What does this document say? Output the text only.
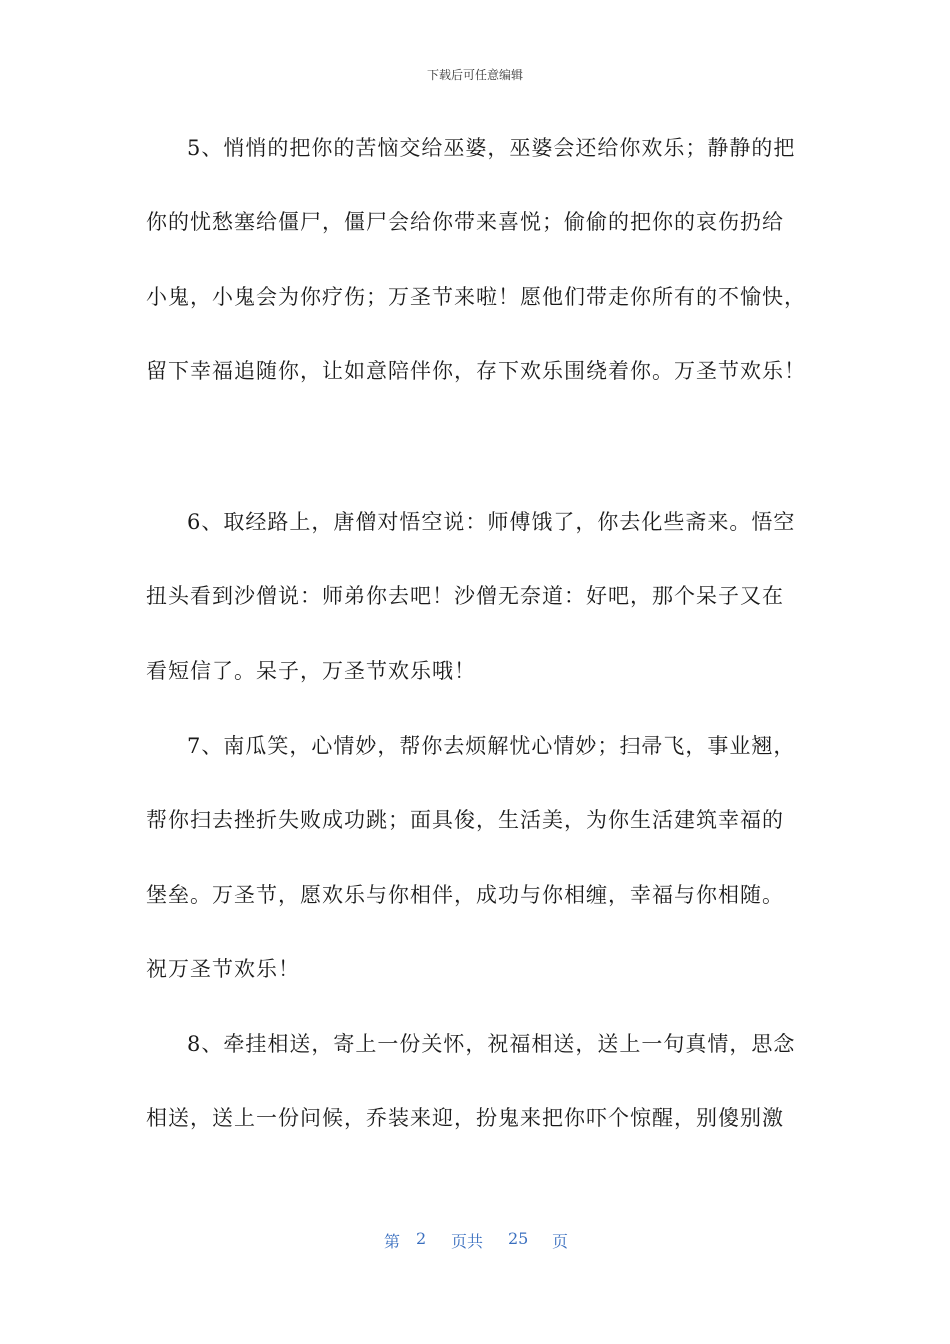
下载后可任意编辑
5、悄悄的把你的苦恼交给巫婆，巫婆会还给你欢乐；静静的把
你的忧愁塞给僵尸，僵尸会给你带来喜悦；偷偷的把你的哀伤扔给
小鬼，小鬼会为你疗伤；万圣节来啦！愿他们带走你所有的不愉快，
留下幸福追随你，让如意陪伴你，存下欢乐围绕着你。万圣节欢乐！
6、取经路上，唐僧对悟空说：师傅饿了，你去化些斋来。悟空
扭头看到沙僧说：师弟你去吧！沙僧无奈道：好吧，那个呆子又在
看短信了。呆子，万圣节欢乐哦！
7、南瓜笑，心情妙，帮你去烦解忧心情妙；扫帚飞，事业翘，
帮你扫去挫折失败成功跳；面具俊，生活美，为你生活建筑幸福的
堡垒。万圣节，愿欢乐与你相伴，成功与你相缠，幸福与你相随。
祝万圣节欢乐！
8、牵挂相送，寄上一份关怀，祝福相送，送上一句真情，思念
相送，送上一份问候，乔装来迎，扮鬼来把你吓个惊醒，别傻别激
第 2 页共 25 页
